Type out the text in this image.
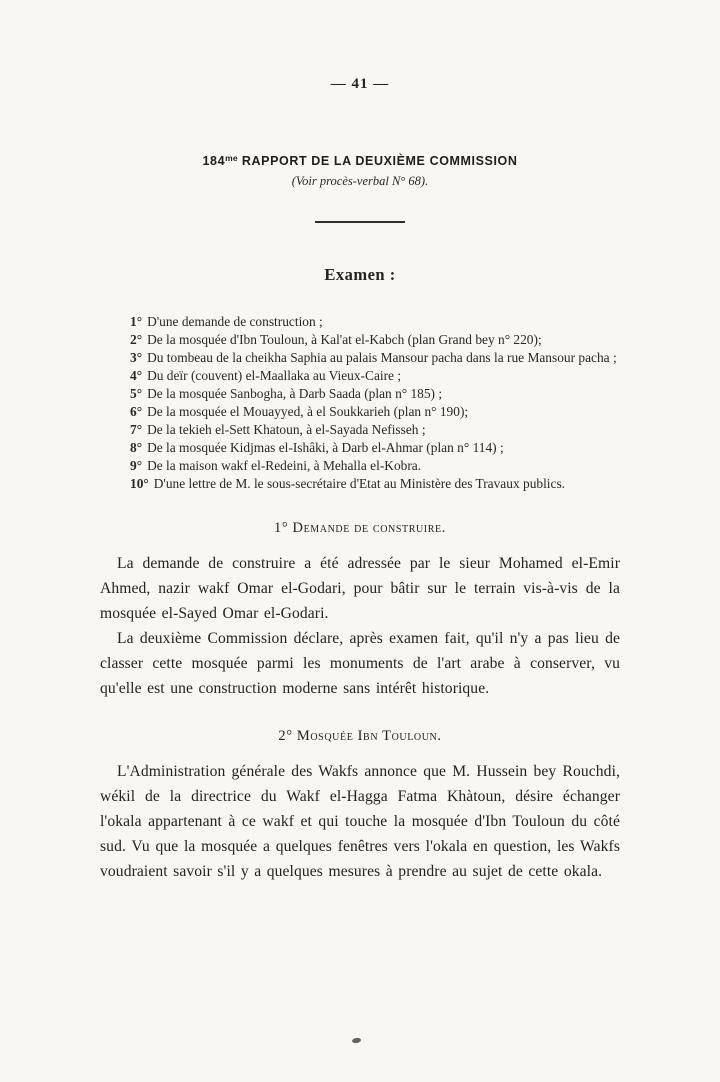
— 41 —
$184^{me}$ RAPPORT DE LA DEUXIÈME COMMISSION
(Voir procès-verbal N° 68).
Examen :
1° D'une demande de construction ;
2° De la mosquée d'Ibn Touloun, à Kal'at el-Kabch (plan Grand bey n° 220);
3° Du tombeau de la cheikha Saphia au palais Mansour pacha dans la rue Mansour pacha ;
4° Du deïr (couvent) el-Maallaka au Vieux-Caire ;
5° De la mosquée Sanbogha, à Darb Saada (plan n° 185) ;
6° De la mosquée el Mouayyed, à el Soukkarieh (plan n° 190);
7° De la tekieh el-Sett Khatoun, à el-Sayada Nefisseh ;
8° De la mosquée Kidjmas el-Ishâki, à Darb el-Ahmar (plan n° 114) ;
9° De la maison wakf el-Redeini, à Mehalla el-Kobra.
10° D'une lettre de M. le sous-secrétaire d'Etat au Ministère des Travaux publics.
1° Demande de construire.

La demande de construire a été adressée par le sieur Mohamed el-Emir Ahmed, nazir wakf Omar el-Godari, pour bâtir sur le terrain vis-à-vis de la mosquée el-Sayed Omar el-Godari.

La deuxième Commission déclare, après examen fait, qu'il n'y a pas lieu de classer cette mosquée parmi les monuments de l'art arabe à conserver, vu qu'elle est une construction moderne sans intérêt historique.

2° Mosquée Ibn Touloun.

L'Administration générale des Wakfs annonce que M. Hussein bey Rouchdi, wékil de la directrice du Wakf el-Hagga Fatma Khàtoun, désire échanger l'okala appartenant à ce wakf et qui touche la mosquée d'Ibn Touloun du côté sud. Vu que la mosquée a quelques fenêtres vers l'okala en question, les Wakfs voudraient savoir s'il y a quelques mesures à prendre au sujet de cette okala.
